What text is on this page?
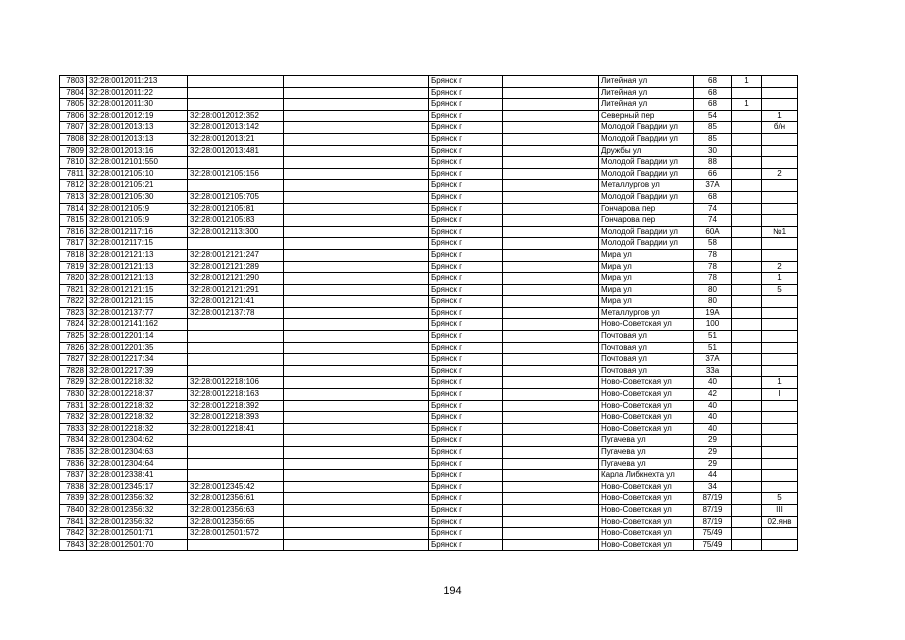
7803	32:28:0012011:213			Брянск г		Литейная ул	68	1	
7804	32:28:0012011:22			Брянск г		Литейная ул	68		
7805	32:28:0012011:30			Брянск г		Литейная ул	68	1	
7806	32:28:0012012:19	32:28:0012012:352		Брянск г		Северный пер	54		1
7807	32:28:0012013:13	32:28:0012013:142		Брянск г		Молодой Гвардии ул	85		б/н
7808	32:28:0012013:13	32:28:0012013:21		Брянск г		Молодой Гвардии ул	85		
7809	32:28:0012013:16	32:28:0012013:481		Брянск г		Дружбы ул	30		
7810	32:28:0012101:550			Брянск г		Молодой Гвардии ул	88		
7811	32:28:0012105:10	32:28:0012105:156		Брянск г		Молодой Гвардии ул	66		2
7812	32:28:0012105:21			Брянск г		Металлургов ул	37А		
7813	32:28:0012105:30	32:28:0012105:705		Брянск г		Молодой Гвардии ул	68		
7814	32:28:0012105:9	32:28:0012105:81		Брянск г		Гончарова пер	74		
7815	32:28:0012105:9	32:28:0012105:83		Брянск г		Гончарова пер	74		
7816	32:28:0012117:16	32:28:0012113:300		Брянск г		Молодой Гвардии ул	60А		№1
7817	32:28:0012117:15			Брянск г		Молодой Гвардии ул	58		
7818	32:28:0012121:13	32:28:0012121:247		Брянск г		Мира ул	78		
7819	32:28:0012121:13	32:28:0012121:289		Брянск г		Мира ул	78		2
7820	32:28:0012121:13	32:28:0012121:290		Брянск г		Мира ул	78		1
7821	32:28:0012121:15	32:28:0012121:291		Брянск г		Мира ул	80		5
7822	32:28:0012121:15	32:28:0012121:41		Брянск г		Мира ул	80		
7823	32:28:0012137:77	32:28:0012137:78		Брянск г		Металлургов ул	19А		
7824	32:28:0012141:162			Брянск г		Ново-Советская ул	100		
7825	32:28:0012201:14			Брянск г		Почтовая ул	51		
7826	32:28:0012201:35			Брянск г		Почтовая ул	51		
7827	32:28:0012217:34			Брянск г		Почтовая ул	37А		
7828	32:28:0012217:39			Брянск г		Почтовая ул	33а		
7829	32:28:0012218:32	32:28:0012218:106		Брянск г		Ново-Советская ул	40		1
7830	32:28:0012218:37	32:28:0012218:163		Брянск г		Ново-Советская ул	42		I
7831	32:28:0012218:32	32:28:0012218:392		Брянск г		Ново-Советская ул	40		
7832	32:28:0012218:32	32:28:0012218:393		Брянск г		Ново-Советская ул	40		
7833	32:28:0012218:32	32:28:0012218:41		Брянск г		Ново-Советская ул	40		
7834	32:28:0012304:62			Брянск г		Пугачева ул	29		
7835	32:28:0012304:63			Брянск г		Пугачева ул	29		
7836	32:28:0012304:64			Брянск г		Пугачева ул	29		
7837	32:28:0012338:41			Брянск г		Карла Либкнехта ул	44		
7838	32:28:0012345:17	32:28:0012345:42		Брянск г		Ново-Советская ул	34		
7839	32:28:0012356:32	32:28:0012356:61		Брянск г		Ново-Советская ул	87/19		5
7840	32:28:0012356:32	32:28:0012356:63		Брянск г		Ново-Советская ул	87/19		III
7841	32:28:0012356:32	32:28:0012356:65		Брянск г		Ново-Советская ул	87/19		02.янв
7842	32:28:0012501:71	32:28:0012501:572		Брянск г		Ново-Советская ул	75/49		
7843	32:28:0012501:70			Брянск г		Ново-Советская ул	75/49		
194
